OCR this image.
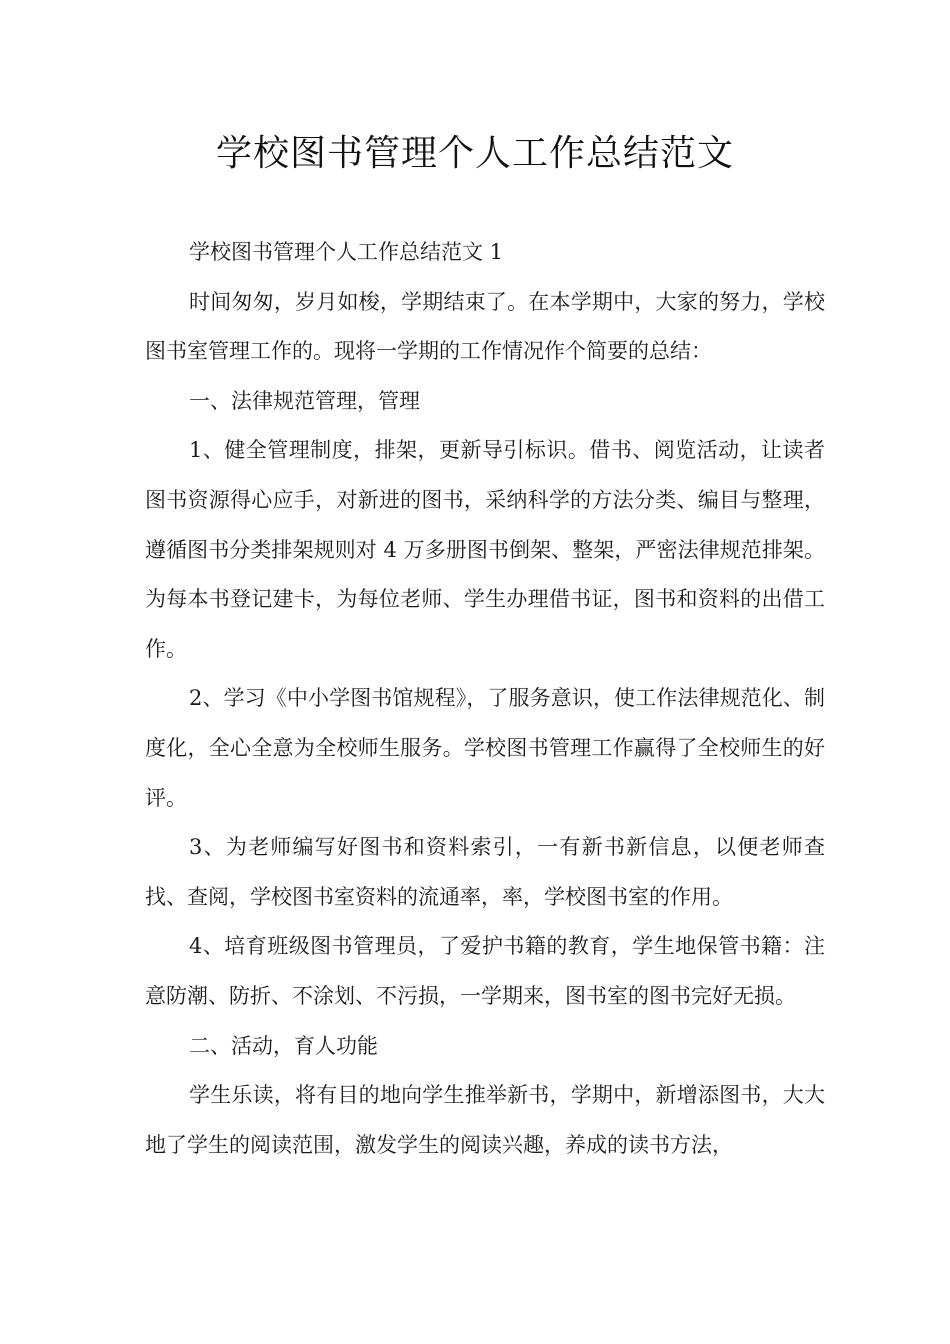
学校图书管理个人工作总结范文

学校图书管理个人工作总结范文 1

时间匆匆，岁月如梭，学期结束了。在本学期中，大家的努力，学校图书室管理工作的。现将一学期的工作情况作个简要的总结：

一、法律规范管理，管理

1、健全管理制度，排架，更新导引标识。借书、阅览活动，让读者图书资源得心应手，对新进的图书，采纳科学的方法分类、编目与整理，遵循图书分类排架规则对 4 万多册图书倒架、整架，严密法律规范排架。为每本书登记建卡，为每位老师、学生办理借书证，图书和资料的出借工作。

2、学习《中小学图书馆规程》，了服务意识，使工作法律规范化、制度化，全心全意为全校师生服务。学校图书管理工作赢得了全校师生的好评。

3、为老师编写好图书和资料索引，一有新书新信息，以便老师查找、查阅，学校图书室资料的流通率，率，学校图书室的作用。

4、培育班级图书管理员，了爱护书籍的教育，学生地保管书籍：注意防潮、防折、不涂划、不污损，一学期来，图书室的图书完好无损。

二、活动，育人功能

学生乐读，将有目的地向学生推举新书，学期中，新增添图书，大大地了学生的阅读范围，激发学生的阅读兴趣，养成的读书方法，
